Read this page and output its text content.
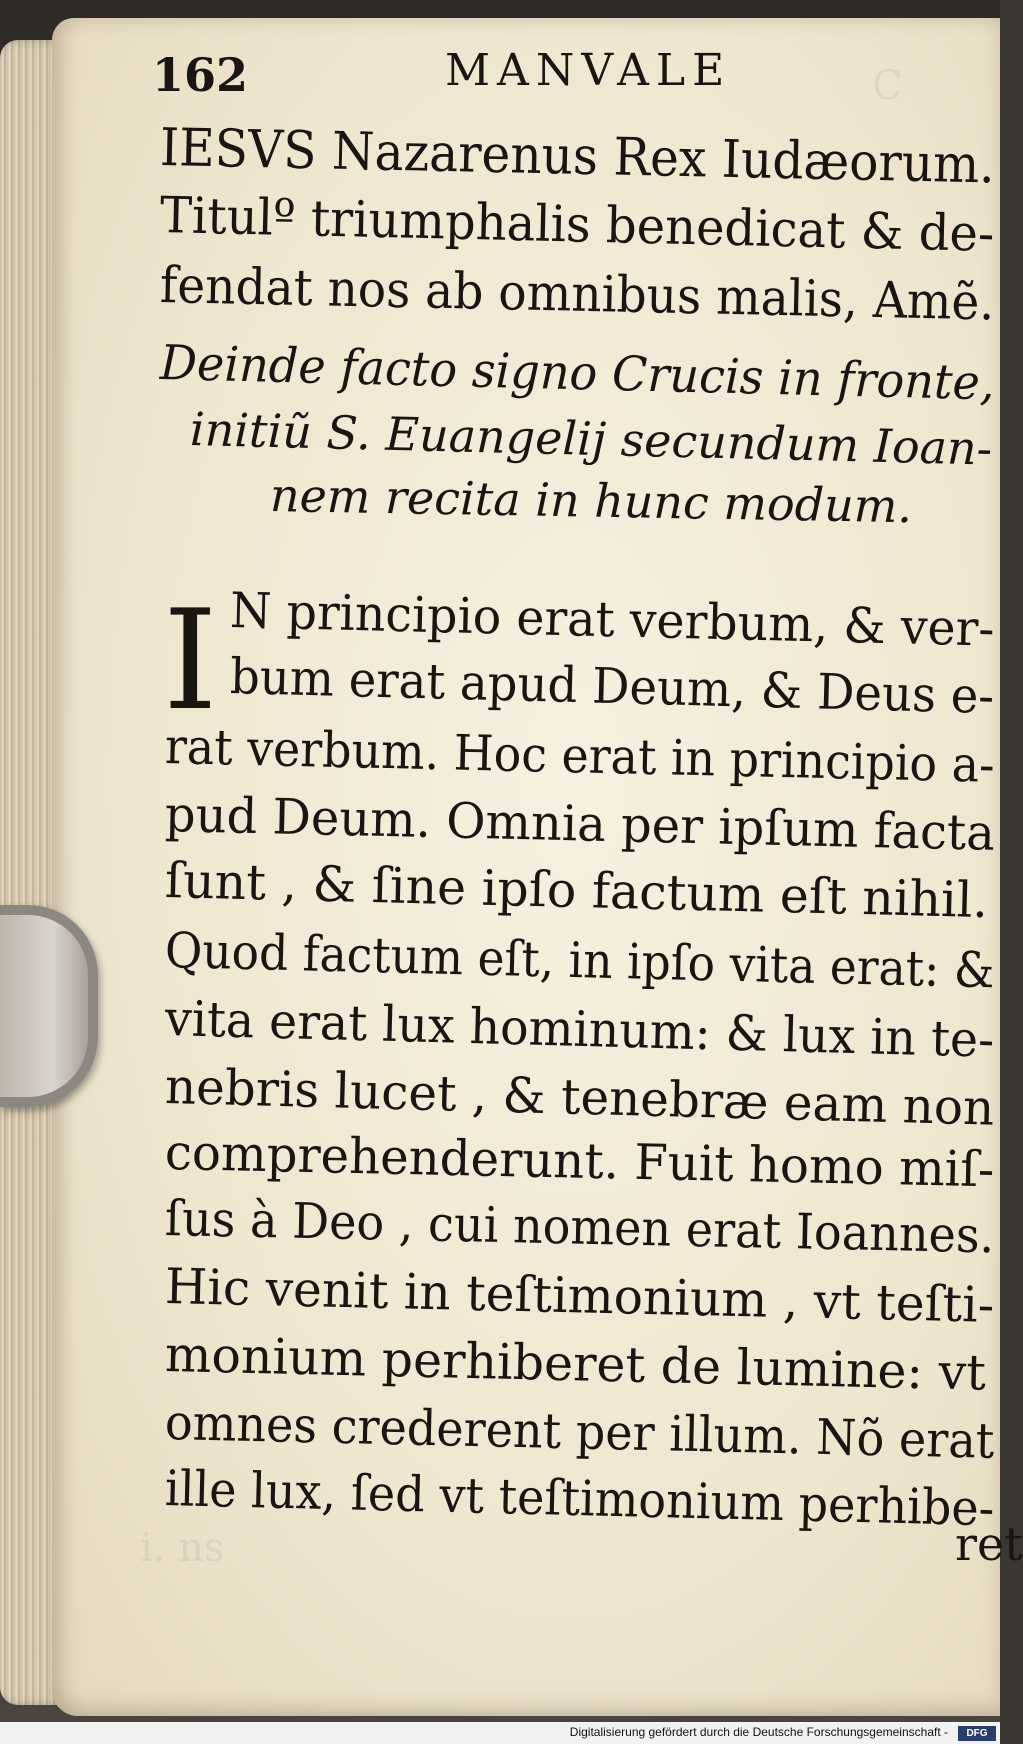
C
162	MANVALE
IESVS Nazarenus Rex Iudæorum.
Titulº triumphalis benedicat & de-
fendat nos ab omnibus malis, Amẽ.
Deinde facto signo Crucis in fronte,
initiũ S. Euangelij secundum Ioan-
nem recita in hunc modum.
I N principio erat verbum, & ver-
bum erat apud Deum, & Deus e-
rat verbum. Hoc erat in principio a-
pud Deum. Omnia per ipſum facta
ſunt , & ſine ipſo factum eſt nihil.
Quod factum eſt, in ipſo vita erat: &
vita erat lux hominum: & lux in te-
nebris lucet , & tenebræ eam non
comprehenderunt. Fuit homo miſ-
ſus à Deo , cui nomen erat Ioannes.
Hic venit in teſtimonium , vt teſti-
monium perhiberet de lumine: vt
omnes crederent per illum. Nõ erat
ille lux, ſed vt teſtimonium perhibe-
ret
i. ns
Digitalisierung gefördert durch die Deutsche Forschungsgemeinschaft -	DFG
